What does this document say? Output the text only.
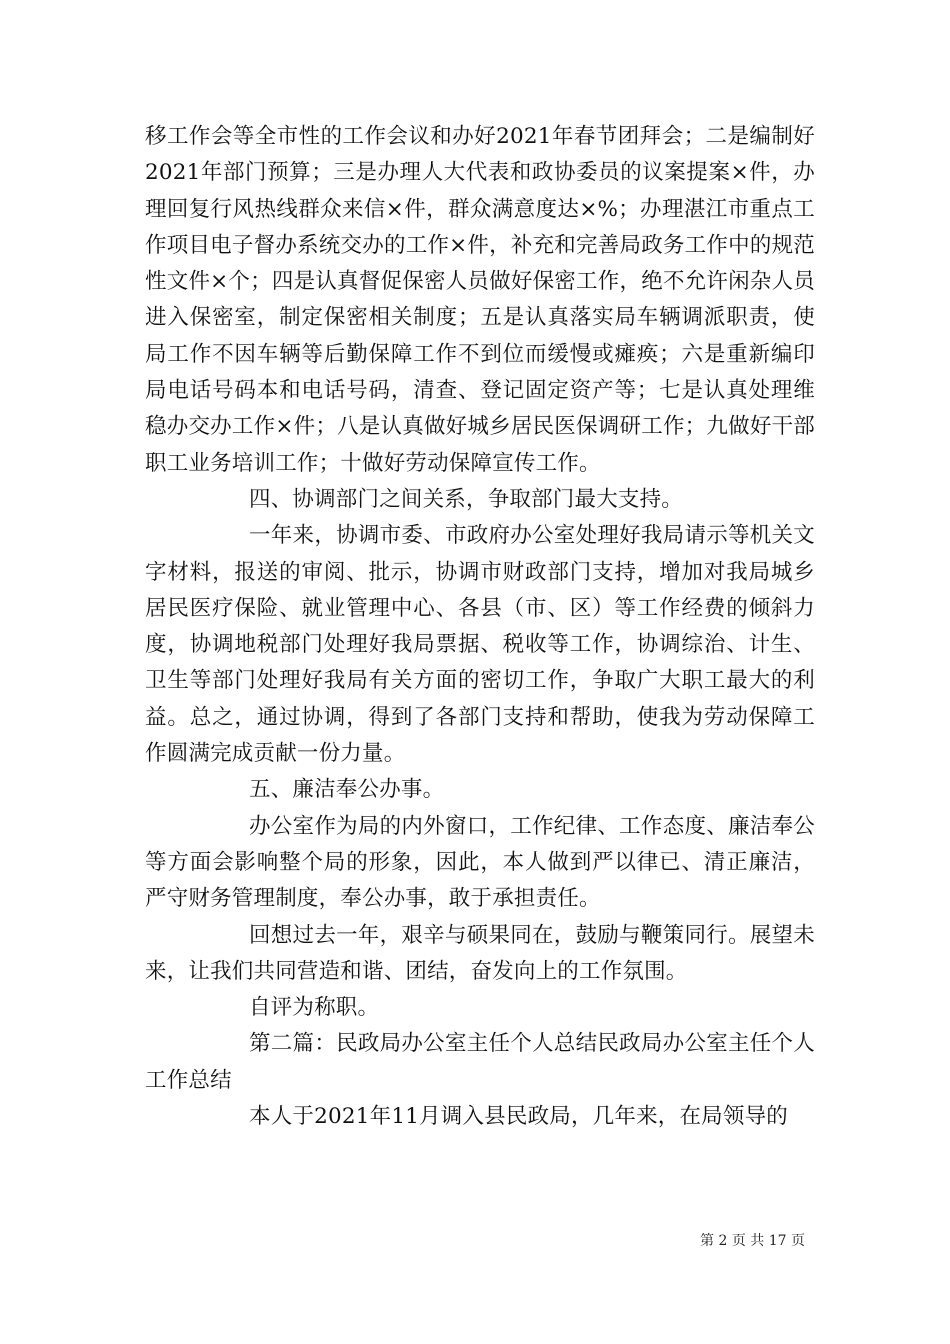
移工作会等全市性的工作会议和办好2021年春节团拜会；二是编制好2021年部门预算；三是办理人大代表和政协委员的议案提案×件，办理回复行风热线群众来信×件，群众满意度达×%；办理湛江市重点工作项目电子督办系统交办的工作×件，补充和完善局政务工作中的规范性文件×个；四是认真督促保密人员做好保密工作，绝不允许闲杂人员进入保密室，制定保密相关制度；五是认真落实局车辆调派职责，使局工作不因车辆等后勤保障工作不到位而缓慢或瘫痪；六是重新编印局电话号码本和电话号码，清查、登记固定资产等；七是认真处理维稳办交办工作×件；八是认真做好城乡居民医保调研工作；九做好干部职工业务培训工作；十做好劳动保障宣传工作。

四、协调部门之间关系，争取部门最大支持。

一年来，协调市委、市政府办公室处理好我局请示等机关文字材料，报送的审阅、批示，协调市财政部门支持，增加对我局城乡居民医疗保险、就业管理中心、各县（市、区）等工作经费的倾斜力度，协调地税部门处理好我局票据、税收等工作，协调综治、计生、卫生等部门处理好我局有关方面的密切工作，争取广大职工最大的利益。总之，通过协调，得到了各部门支持和帮助，使我为劳动保障工作圆满完成贡献一份力量。

五、廉洁奉公办事。

办公室作为局的内外窗口，工作纪律、工作态度、廉洁奉公等方面会影响整个局的形象，因此，本人做到严以律已、清正廉洁，严守财务管理制度，奉公办事，敢于承担责任。

回想过去一年，艰辛与硕果同在，鼓励与鞭策同行。展望未来，让我们共同营造和谐、团结，奋发向上的工作氛围。

自评为称职。

第二篇：民政局办公室主任个人总结民政局办公室主任个人工作总结

本人于2021年11月调入县民政局，几年来，在局领导的

第 2 页 共 17 页
